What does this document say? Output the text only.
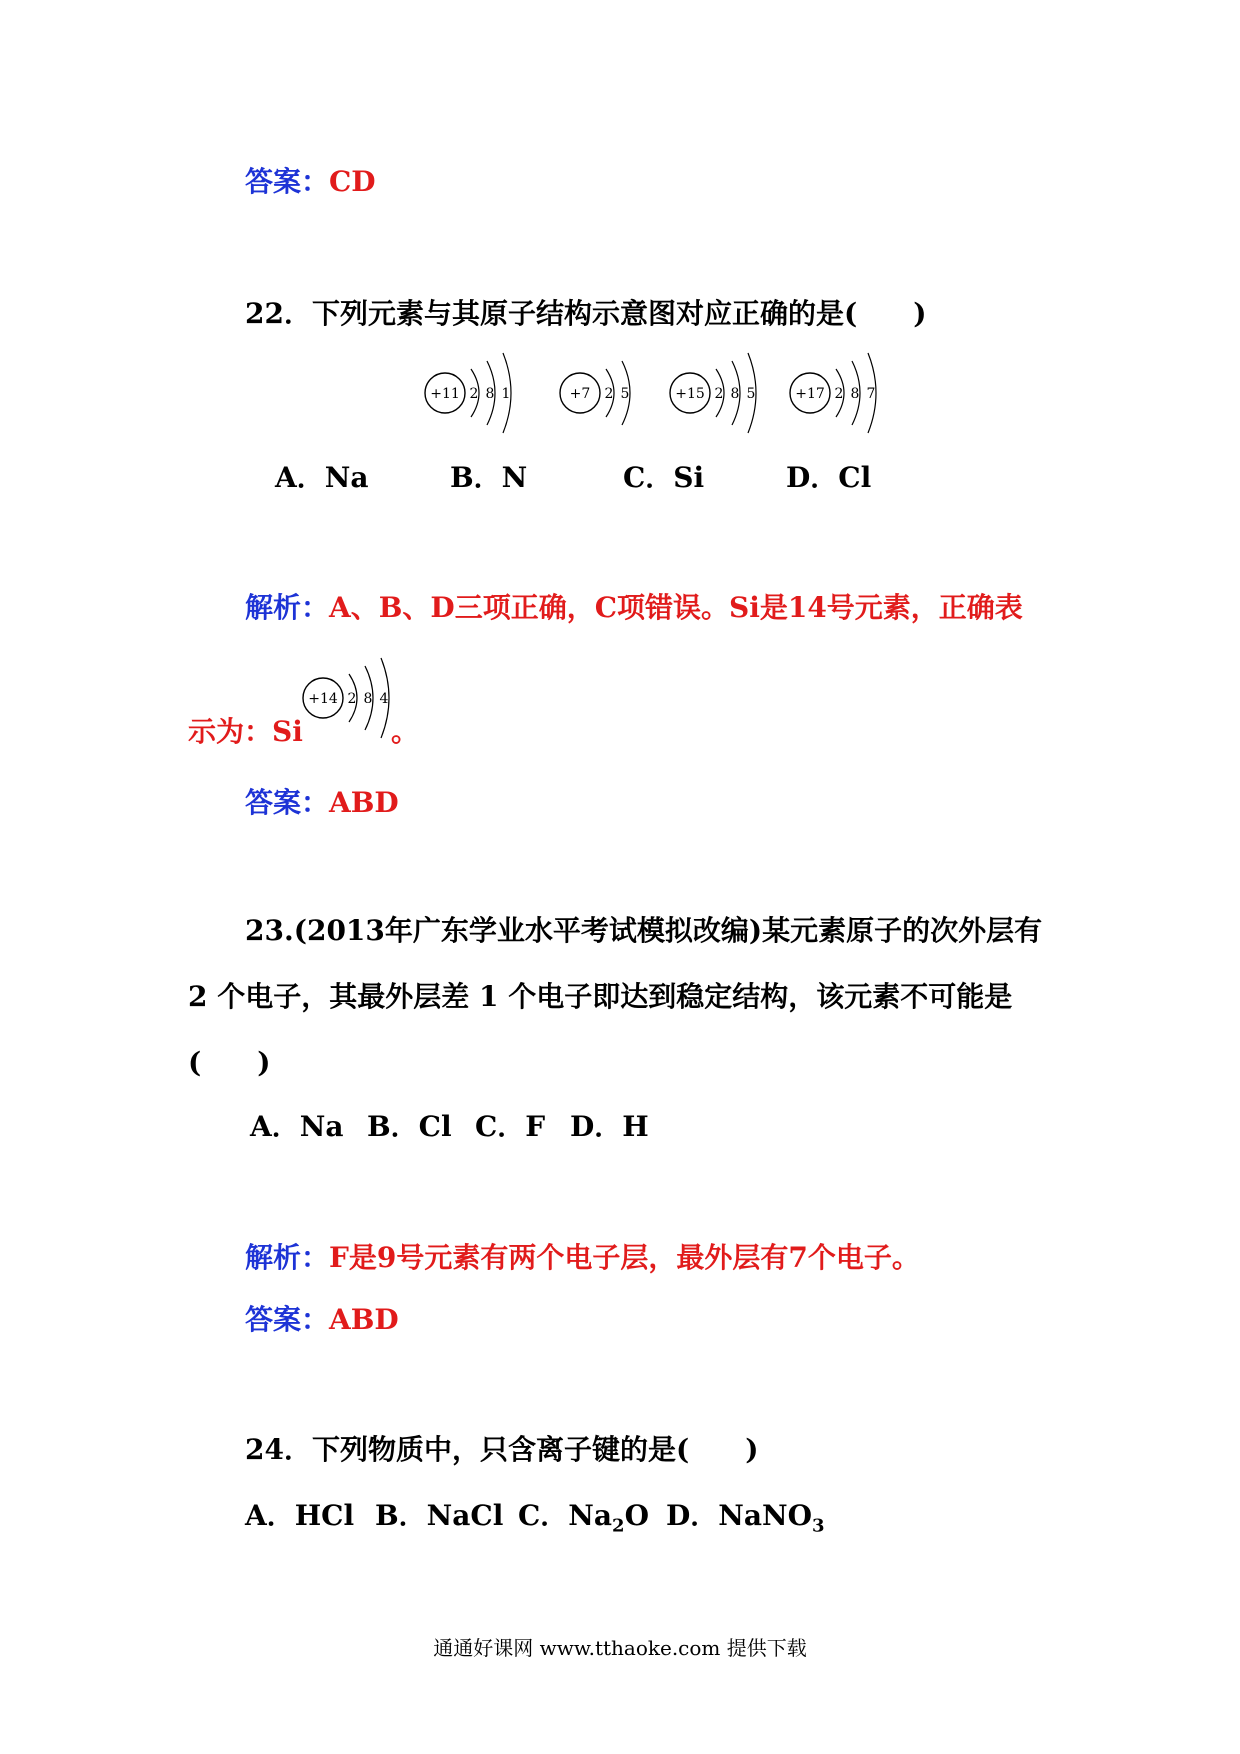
答案：CD
22．下列元素与其原子结构示意图对应正确的是(　　)
+11 2 8 1	+7 2 5	+15 2 8 5	+17 2 8 7
A．Na	B．N	C．Si	D．Cl
解析：A、B、D三项正确，C项错误。Si是14号元素，正确表
+14 2 8 4
示为：Si	。
答案：ABD
23.(2013年广东学业水平考试模拟改编)某元素原子的次外层有
2 个电子，其最外层差 1 个电子即达到稳定结构，该元素不可能是
(　　)
A．Na B．Cl C．F D．H
解析：F是9号元素有两个电子层，最外层有7个电子。
答案：ABD
24．下列物质中，只含离子键的是(　　)
A．HCl B．NaCl C．$Na_2O$ D．NaNO$_3$
通通好课网 www.tthaoke.com 提供下载
